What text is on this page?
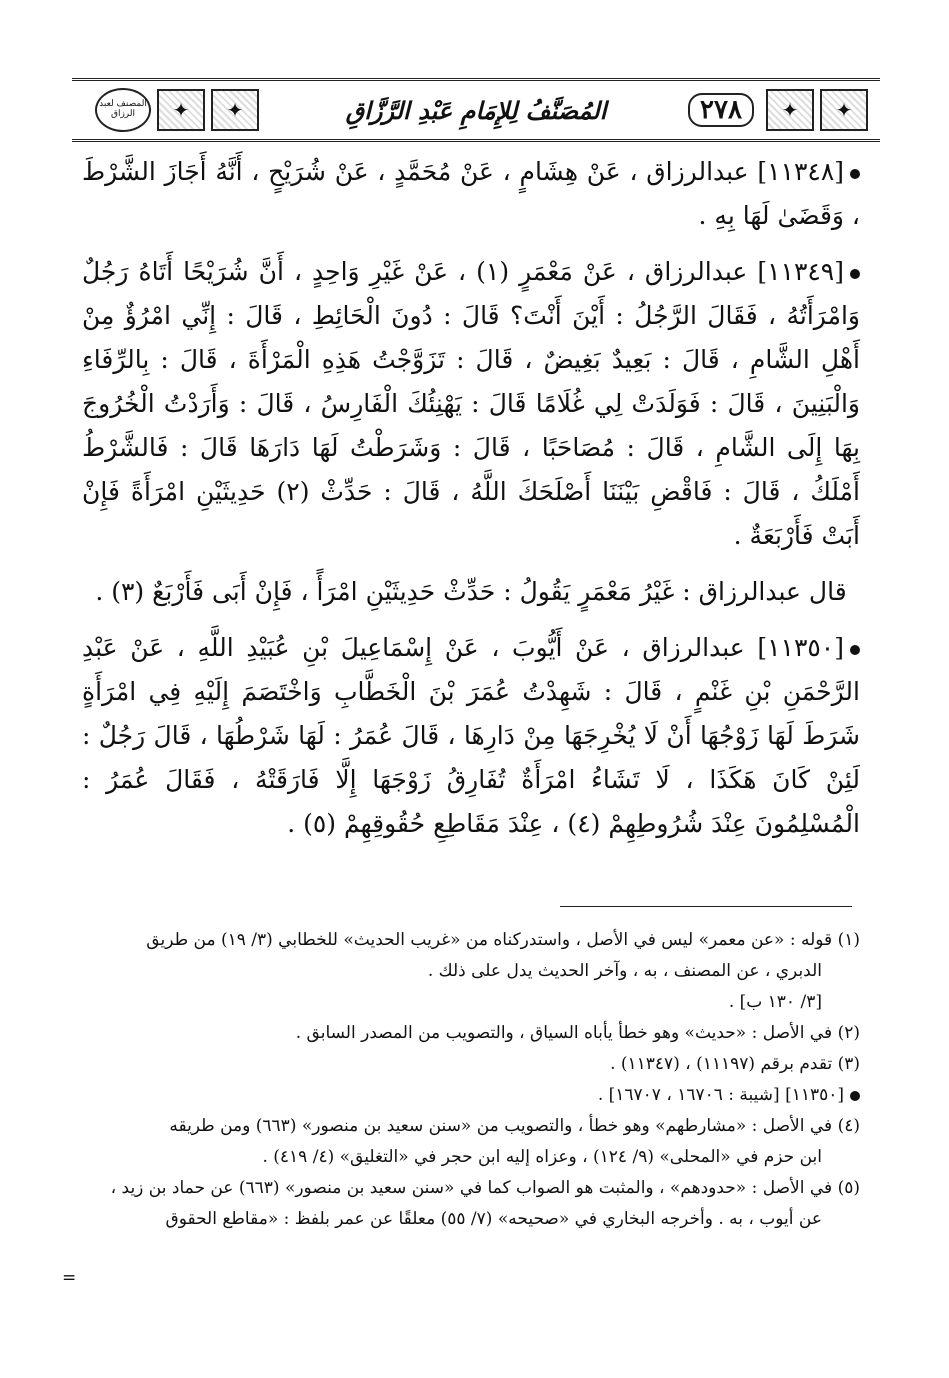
المصنف لعبد الرزاق	✦	✦	المُصَنَّفُ لِلإِمَامِ عَبْدِ الرَّزَّاقِ	٢٧٨	✦	✦

[١١٣٤٨] عبدالرزاق ، عَنْ هِشَامٍ ، عَنْ مُحَمَّدٍ ، عَنْ شُرَيْحٍ ، أَنَّهُ أَجَازَ الشَّرْطَ ، وَقَضَىٰ لَهَا بِهِ .

[١١٣٤٩] عبدالرزاق ، عَنْ مَعْمَرٍ (١) ، عَنْ غَيْرِ وَاحِدٍ ، أَنَّ شُرَيْحًا أَتَاهُ رَجُلٌ وَامْرَأَتُهُ ، فَقَالَ الرَّجُلُ : أَيْنَ أَنْتَ؟ قَالَ : دُونَ الْحَائِطِ ، قَالَ : إِنِّي امْرُؤٌ مِنْ أَهْلِ الشَّامِ ، قَالَ : بَعِيدٌ بَغِيضٌ ، قَالَ : تَزَوَّجْتُ هَذِهِ الْمَرْأَةَ ، قَالَ : بِالرِّفَاءِ وَالْبَنِينَ ، قَالَ : فَوَلَدَتْ لِي غُلَامًا قَالَ : يَهْنِئُكَ الْفَارِسُ ، قَالَ : وَأَرَدْتُ الْخُرُوجَ بِهَا إِلَى الشَّامِ ، قَالَ : مُصَاحَبًا ، قَالَ : وَشَرَطْتُ لَهَا دَارَهَا قَالَ : فَالشَّرْطُ أَمْلَكُ ، قَالَ : فَاقْضِ بَيْنَنَا أَصْلَحَكَ اللَّهُ ، قَالَ : حَدِّثْ (٢) حَدِيثَيْنِ امْرَأَةً فَإِنْ أَبَتْ فَأَرْبَعَةٌ .

قال عبدالرزاق : غَيْرُ مَعْمَرٍ يَقُولُ : حَدِّثْ حَدِيثَيْنِ امْرَأً ، فَإِنْ أَبَى فَأَرْبَعٌ (٣) .

[١١٣٥٠] عبدالرزاق ، عَنْ أَيُّوبَ ، عَنْ إِسْمَاعِيلَ بْنِ عُبَيْدِ اللَّهِ ، عَنْ عَبْدِ الرَّحْمَنِ بْنِ غَنْمٍ ، قَالَ : شَهِدْتُ عُمَرَ بْنَ الْخَطَّابِ وَاخْتَصَمَ إِلَيْهِ فِي امْرَأَةٍ شَرَطَ لَهَا زَوْجُهَا أَنْ لَا يُخْرِجَهَا مِنْ دَارِهَا ، قَالَ عُمَرُ : لَهَا شَرْطُهَا ، قَالَ رَجُلٌ : لَئِنْ كَانَ هَكَذَا ، لَا تَشَاءُ امْرَأَةٌ تُفَارِقُ زَوْجَهَا إِلَّا فَارَقَتْهُ ، فَقَالَ عُمَرُ : الْمُسْلِمُونَ عِنْدَ شُرُوطِهِمْ (٤) ، عِنْدَ مَقَاطِعِ حُقُوقِهِمْ (٥) .

(١) قوله : «عن معمر» ليس في الأصل ، واستدركناه من «غريب الحديث» للخطابي (٣/ ١٩) من طريق

الدبري ، عن المصنف ، به ، وآخر الحديث يدل على ذلك .

[٣/ ١٣٠ ب] .

(٢) في الأصل : «حديث» وهو خطأ يأباه السياق ، والتصويب من المصدر السابق .

(٣) تقدم برقم (١١١٩٧) ، (١١٣٤٧) .

[١١٣٥٠] [شيبة : ١٦٧٠٦ ، ١٦٧٠٧] .

(٤) في الأصل : «مشارطهم» وهو خطأ ، والتصويب من «سنن سعيد بن منصور» (٦٦٣) ومن طريقه

ابن حزم في «المحلى» (٩/ ١٢٤) ، وعزاه إليه ابن حجر في «التغليق» (٤/ ٤١٩) .

(٥) في الأصل : «حدودهم» ، والمثبت هو الصواب كما في «سنن سعيد بن منصور» (٦٦٣) عن حماد بن زيد ،

عن أيوب ، به . وأخرجه البخاري في «صحيحه» (٧/ ٥٥) معلقًا عن عمر بلفظ : «مقاطع الحقوق

=
